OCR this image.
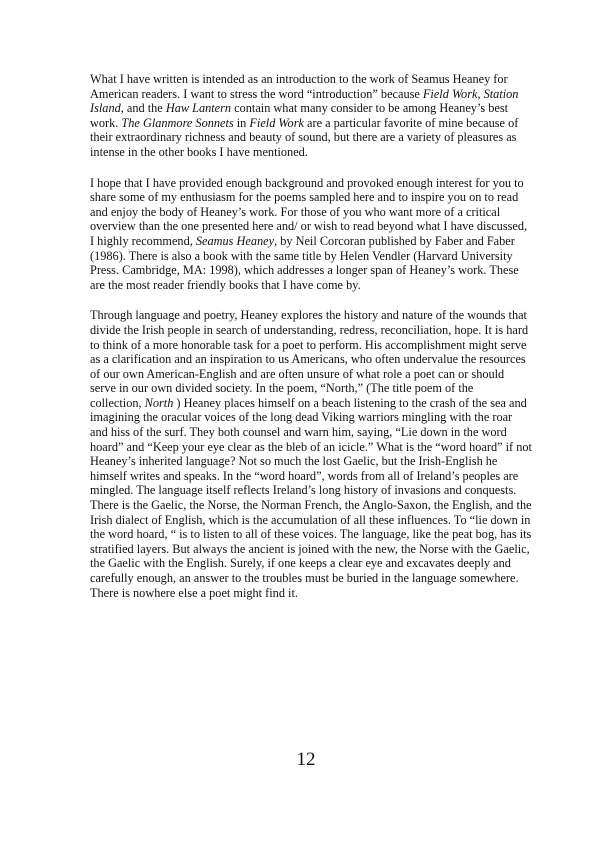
What I have written is intended as an introduction to the work of Seamus Heaney for
American readers. I want to stress the word “introduction” because Field Work, Station
Island, and the Haw Lantern contain what many consider to be among Heaney’s best
work. The Glanmore Sonnets in Field Work are a particular favorite of mine because of
their extraordinary richness and beauty of sound, but there are a variety of pleasures as
intense in the other books I have mentioned.

I hope that I have provided enough background and provoked enough interest for you to
share some of my enthusiasm for the poems sampled here and to inspire you on to read
and enjoy the body of Heaney’s work. For those of you who want more of a critical
overview than the one presented here and/ or wish to read beyond what I have discussed,
I highly recommend, Seamus Heaney, by Neil Corcoran published by Faber and Faber
(1986). There is also a book with the same title by Helen Vendler (Harvard University
Press. Cambridge, MA: 1998), which addresses a longer span of Heaney’s work. These
are the most reader friendly books that I have come by.

Through language and poetry, Heaney explores the history and nature of the wounds that
divide the Irish people in search of understanding, redress, reconciliation, hope. It is hard
to think of a more honorable task for a poet to perform. His accomplishment might serve
as a clarification and an inspiration to us Americans, who often undervalue the resources
of our own American-English and are often unsure of what role a poet can or should
serve in our own divided society. In the poem, “North,” (The title poem of the
collection, North ) Heaney places himself on a beach listening to the crash of the sea and
imagining the oracular voices of the long dead Viking warriors mingling with the roar
and hiss of the surf. They both counsel and warn him, saying, “Lie down in the word
hoard” and “Keep your eye clear as the bleb of an icicle.” What is the “word hoard” if not
Heaney’s inherited language? Not so much the lost Gaelic, but the Irish-English he
himself writes and speaks. In the “word hoard”, words from all of Ireland’s peoples are
mingled. The language itself reflects Ireland’s long history of invasions and conquests.
There is the Gaelic, the Norse, the Norman French, the Anglo-Saxon, the English, and the
Irish dialect of English, which is the accumulation of all these influences. To “lie down in
the word hoard, “ is to listen to all of these voices. The language, like the peat bog, has its
stratified layers. But always the ancient is joined with the new, the Norse with the Gaelic,
the Gaelic with the English. Surely, if one keeps a clear eye and excavates deeply and
carefully enough, an answer to the troubles must be buried in the language somewhere.
There is nowhere else a poet might find it.

12
